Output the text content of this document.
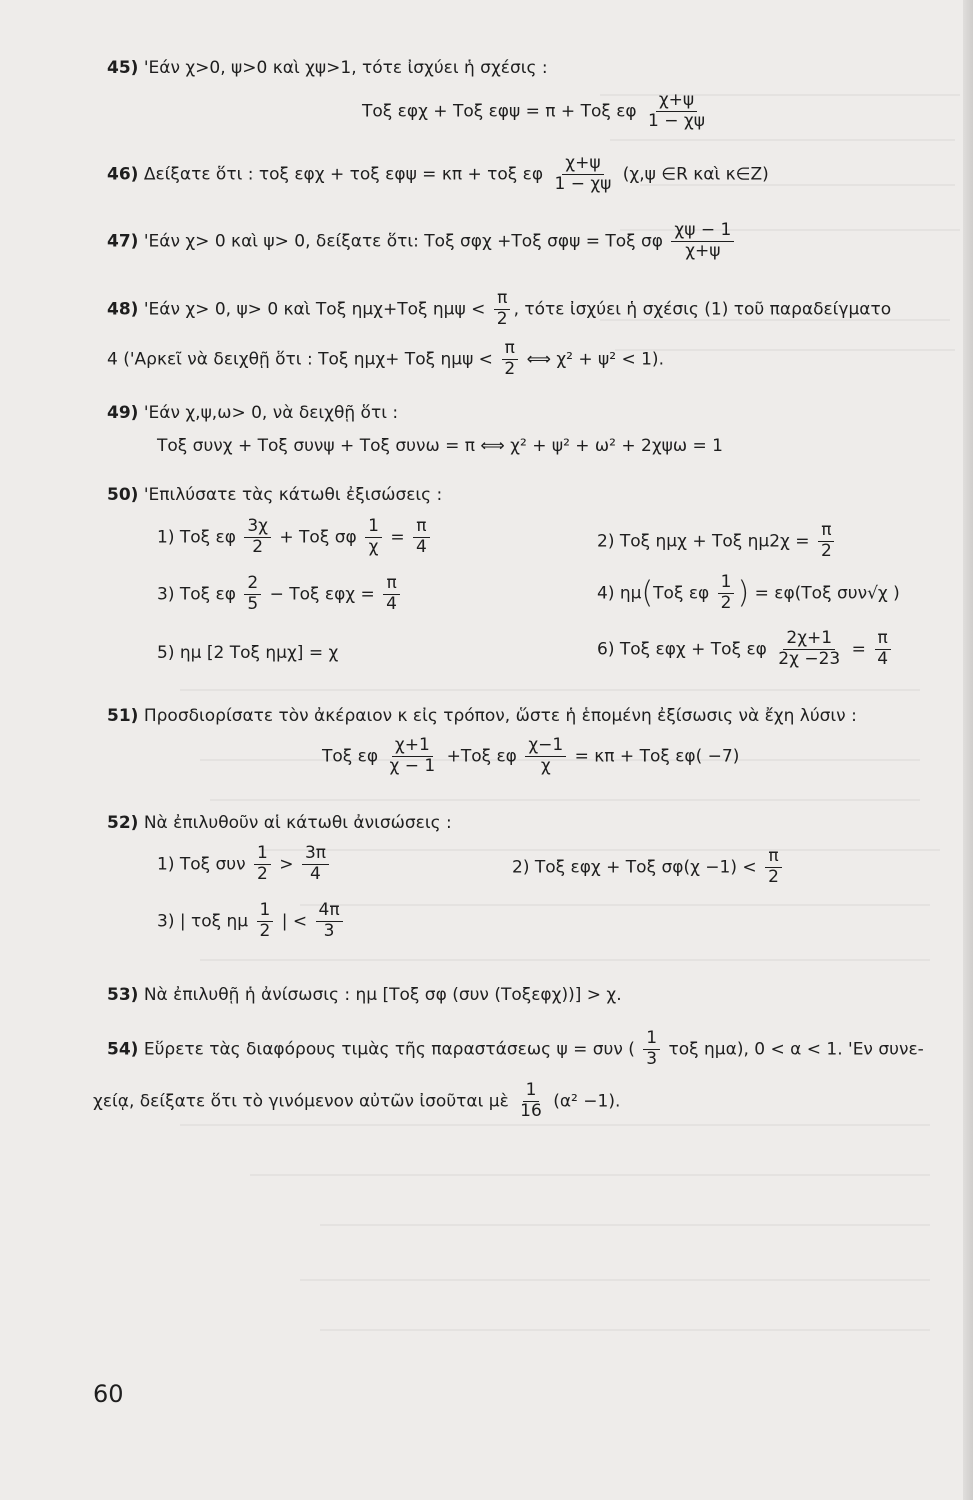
45) 'Εάν χ>0, ψ>0 καὶ χψ>1, τότε ἰσχύει ἡ σχέσις :
Τοξ εφχ + Τοξ εφψ = π + Τοξ εφ $\frac{\chi+\psi}{1 - \chi\psi}$
46) Δείξατε ὅτι : τοξ εφχ + τοξ εφψ = κπ + τοξ εφ $\frac{\chi+\psi}{1 - \chi\psi} (\chi,\psi$ ∈R καὶ κ∈Ζ)
47) 'Εάν χ> 0 καὶ ψ> 0, δείξατε ὅτι: Τοξ σφχ +Τοξ σφψ = Τοξ σφ $\frac{\chi\psi - 1}{\chi+\psi}$
48) 'Εάν χ> 0, ψ> 0 καὶ Τοξ ημχ+Τοξ $\eta\mu\psi < \frac{\pi}{2}$ , τότε ἰσχύει ἡ σχέσις (1) τοῦ παραδείγματο
4 ('Αρκεῖ νὰ δειχθῇ ὅτι : Τοξ ημχ+ Τοξ $\eta\mu\psi < \frac{\pi}{2}$ ⟺ χ² + ψ² < 1).
49) 'Εάν χ,ψ,ω> 0, νὰ δειχθῇ ὅτι :
Τοξ συνχ + Τοξ συνψ + Τοξ συνω = π ⟺ χ² + ψ² + ω² + 2χψω = 1
50) 'Επιλύσατε τὰς κάτωθι ἐξισώσεις :
1) Τοξ εφ $\frac{3\chi}{2} + To\xi$ σφ $\frac{1}{\chi} = \frac{\pi}{4}$	2) Τοξ ημχ + Τοξ $\eta\mu 2\chi = \frac{\pi}{2}$
3) Τοξ εφ $\frac{2}{5} - To\xi$ $\varepsilon\varphi\chi = \frac{\pi}{4}$	4) ημ(Τοξ εφ $\frac{1}{2}$ ) = εφ(Τοξ συν√χ )
5) ημ [2 Τοξ ημχ] = χ	6) Τοξ εφχ + Τοξ εφ $\frac{2\chi+1}{2\chi -23} = \frac{\pi}{4}$
51) Προσδιορίσατε τὸν ἀκέραιον κ εἰς τρόπον, ὥστε ἡ ἑπομένη ἐξίσωσις νὰ ἔχη λύσιν :
Τοξ εφ $\frac{\chi+1}{\chi - 1} +To\xi$ εφ $\frac{\chi-1}{\chi} = \kappa\pi + To\xi$ εφ( −7)
52) Νὰ ἐπιλυθοῦν αἱ κάτωθι ἀνισώσεις :
1) Τοξ συν $\frac{1}{2} > \frac{3\pi}{4}$	2) Τοξ εφχ + Τοξ $\sigma\varphi(\chi -1) < \frac{\pi}{2}$
3) | τοξ ημ $\frac{1}{2}$ | < $\frac{4\pi}{3}$
53) Νὰ ἐπιλυθῇ ἡ ἀνίσωσις : ημ [Τοξ σφ (συν (Τοξεφχ))] > χ.
54) Εὕρετε τὰς διαφόρους τιμὰς τῆς παραστάσεως ψ = συν ( $\frac{1}{3}$ τοξ ημα), 0 < α < 1. 'Εν συνε-
χείᾳ, δείξατε ὅτι τὸ γινόμενον αὐτῶν ἰσοῦται μὲ $\frac{1}{16} (\alpha^2 -1)$.
60
